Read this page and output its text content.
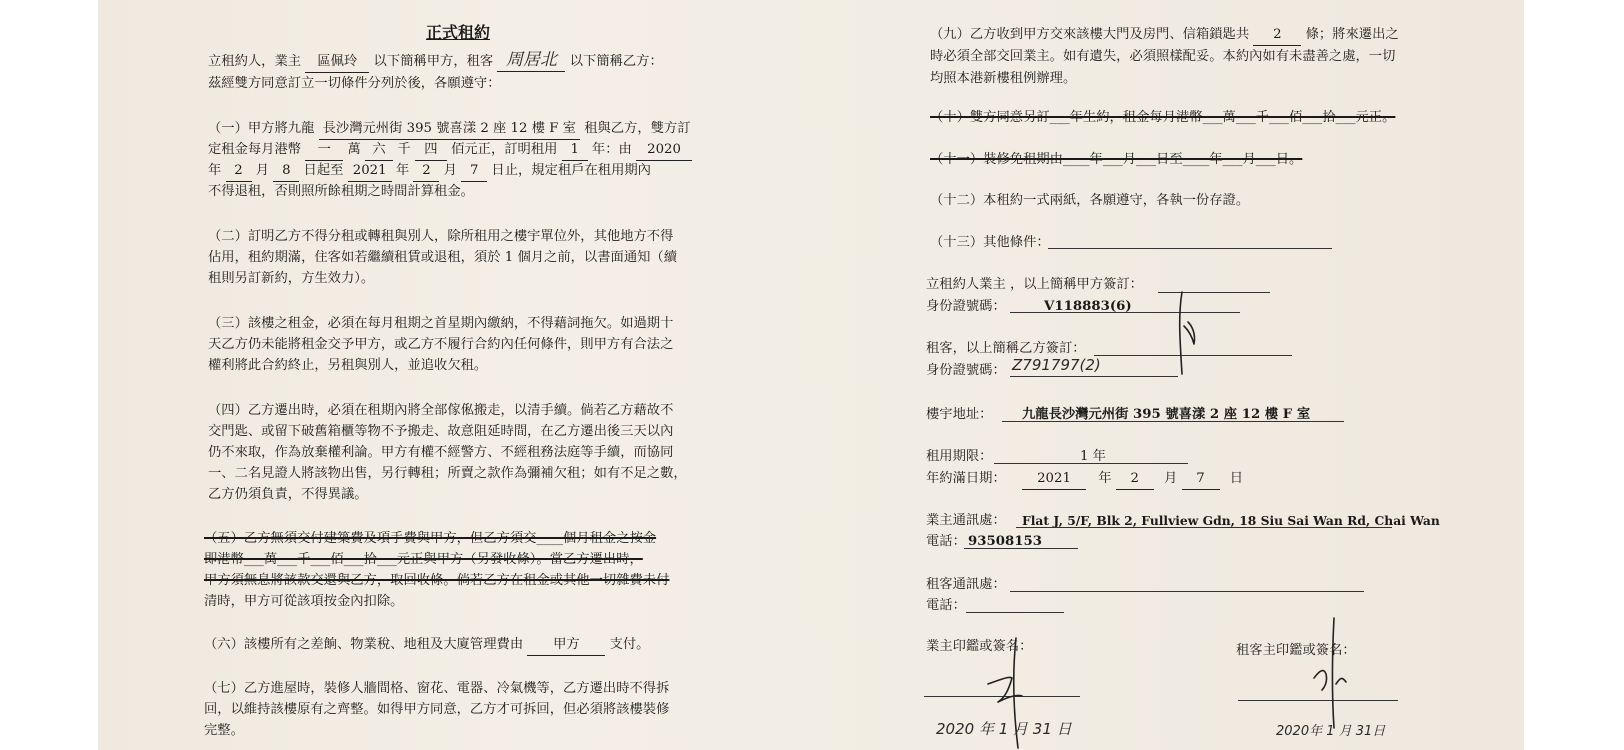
正式租約
立租約人，業主 區佩玲 以下簡稱甲方，租客 周居北 以下簡稱乙方：
茲經雙方同意訂立一切條件分列於後，各願遵守：
（一）甲方將九龍 長沙灣元州街 395 號喜漾 2 座 12 樓 F 室 租與乙方，雙方訂
定租金每月港幣 一 萬 六 千 四 佰元正，訂明租用 1 年：由 2020
年 2 月 8 日起至 2021 年 2 月 7 日止，規定租戶在租用期內
不得退租，否則照所餘租期之時間計算租金。
（二）訂明乙方不得分租或轉租與別人，除所租用之樓宇單位外，其他地方不得
佔用，租約期滿，住客如若繼續租賃或退租，須於 1 個月之前，以書面通知（續
租則另訂新約，方生效力）。
（三）該樓之租金，必須在每月租期之首星期內繳納，不得藉詞拖欠。如過期十
天乙方仍未能將租金交予甲方，或乙方不履行合約內任何條件，則甲方有合法之
權利將此合約終止，另租與別人，並追收欠租。
（四）乙方遷出時，必須在租期內將全部傢俬搬走，以清手續。倘若乙方藉故不
交門匙、或留下破舊箱櫃等物不予搬走、故意阻延時間，在乙方遷出後三天以內
仍不來取，作為放棄權利論。甲方有權不經警方、不經租務法庭等手續，而協同
一、二名見證人將該物出售，另行轉租；所賣之款作為彌補欠租；如有不足之數，
乙方仍須負責，不得異議。
（五）乙方無須交付建築費及項手費與甲方，但乙方須交____個月租金之按金
即港幣___萬___千___佰___拾___元正與甲方（另發收條）。當乙方遷出時，
甲方須無息將該款交還與乙方，取回收條。倘若乙方在租金或其他一切雜費未付
清時，甲方可從該項按金內扣除。
（六）該樓所有之差餉、物業稅、地租及大廈管理費由 甲方 支付。
（七）乙方進屋時，裝修人牆間格、窗花、電器、冷氣機等，乙方遷出時不得拆
回，以維持該樓原有之齊整。如得甲方同意，乙方才可拆回，但必須將該樓裝修
完整。
（九）乙方收到甲方交來該樓大門及房門、信箱鎖匙共 2 條；將來遷出之
時必須全部交回業主。如有遺失，必須照樣配妥。本約內如有未盡善之處，一切
均照本港新樓租例辦理。
（十）雙方同意另訂___年生約，租金每月港幣___萬___千___佰___拾___元正。
（十一）裝修免租期由____年___月___日至____年___月___日。
（十二）本租約一式兩紙，各願遵守，各執一份存證。
（十三）其他條件：
立租約人業主 ，以上簡稱甲方簽訂：
身份證號碼：	V118883(6)
租客，以上簡稱乙方簽訂：
身份證號碼： Z791797(2)
樓宇地址： 九龍長沙灣元州街 395 號喜漾 2 座 12 樓 F 室
租用期限：	1 年
年約滿日期：	2021 年 2 月 7 日
業主通訊處： Flat J, 5/F, Blk 2, Fullview Gdn, 18 Siu Sai Wan Rd, Chai Wan
電話： 93508153
租客通訊處：
電話：
業主印鑑或簽名：	租客主印鑑或簽名：
2020 年 1 月 31 日	2020年 1 月 31日
